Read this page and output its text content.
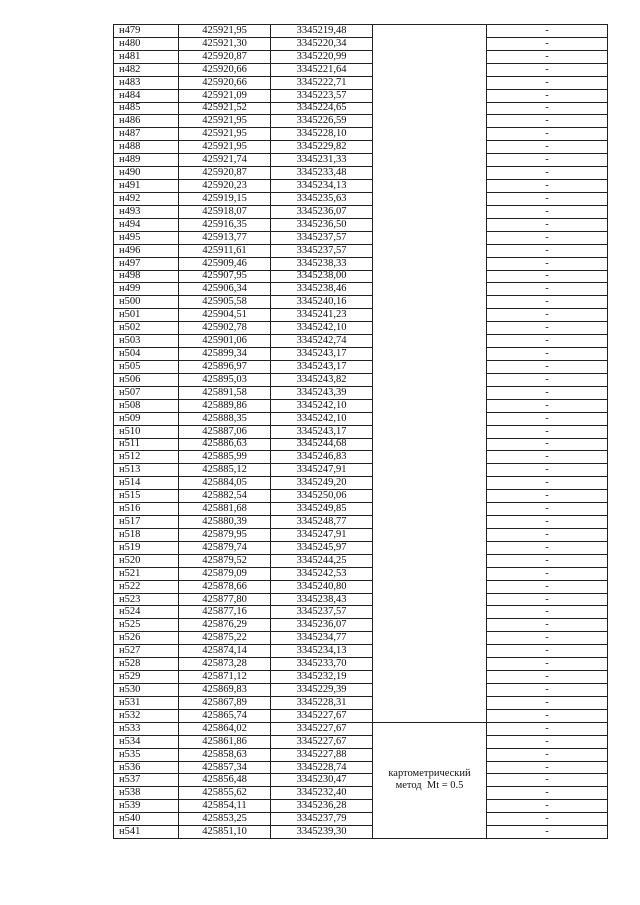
н479	425921,95	3345219,48		-
н480	425921,30	3345220,34		-
н481	425920,87	3345220,99		-
н482	425920,66	3345221,64		-
н483	425920,66	3345222,71		-
н484	425921,09	3345223,57		-
н485	425921,52	3345224,65		-
н486	425921,95	3345226,59		-
н487	425921,95	3345228,10		-
н488	425921,95	3345229,82		-
н489	425921,74	3345231,33		-
н490	425920,87	3345233,48		-
н491	425920,23	3345234,13		-
н492	425919,15	3345235,63		-
н493	425918,07	3345236,07		-
н494	425916,35	3345236,50		-
н495	425913,77	3345237,57		-
н496	425911,61	3345237,57		-
н497	425909,46	3345238,33		-
н498	425907,95	3345238,00		-
н499	425906,34	3345238,46		-
н500	425905,58	3345240,16		-
н501	425904,51	3345241,23		-
н502	425902,78	3345242,10		-
н503	425901,06	3345242,74		-
н504	425899,34	3345243,17		-
н505	425896,97	3345243,17		-
н506	425895,03	3345243,82		-
н507	425891,58	3345243,39		-
н508	425889,86	3345242,10		-
н509	425888,35	3345242,10		-
н510	425887,06	3345243,17		-
н511	425886,63	3345244,68		-
н512	425885,99	3345246,83		-
н513	425885,12	3345247,91		-
н514	425884,05	3345249,20		-
н515	425882,54	3345250,06		-
н516	425881,68	3345249,85		-
н517	425880,39	3345248,77		-
н518	425879,95	3345247,91		-
н519	425879,74	3345245,97		-
н520	425879,52	3345244,25		-
н521	425879,09	3345242,53		-
н522	425878,66	3345240,80		-
н523	425877,80	3345238,43		-
н524	425877,16	3345237,57		-
н525	425876,29	3345236,07		-
н526	425875,22	3345234,77		-
н527	425874,14	3345234,13		-
н528	425873,28	3345233,70		-
н529	425871,12	3345232,19		-
н530	425869,83	3345229,39		-
н531	425867,89	3345228,31		-
н532	425865,74	3345227,67		-
н533	425864,02	3345227,67	картометрический
метод  Mt = 0.5	-
н534	425861,86	3345227,67		-
н535	425858,63	3345227,88		-
н536	425857,34	3345228,74		-
н537	425856,48	3345230,47		-
н538	425855,62	3345232,40		-
н539	425854,11	3345236,28		-
н540	425853,25	3345237,79		-
н541	425851,10	3345239,30		-
